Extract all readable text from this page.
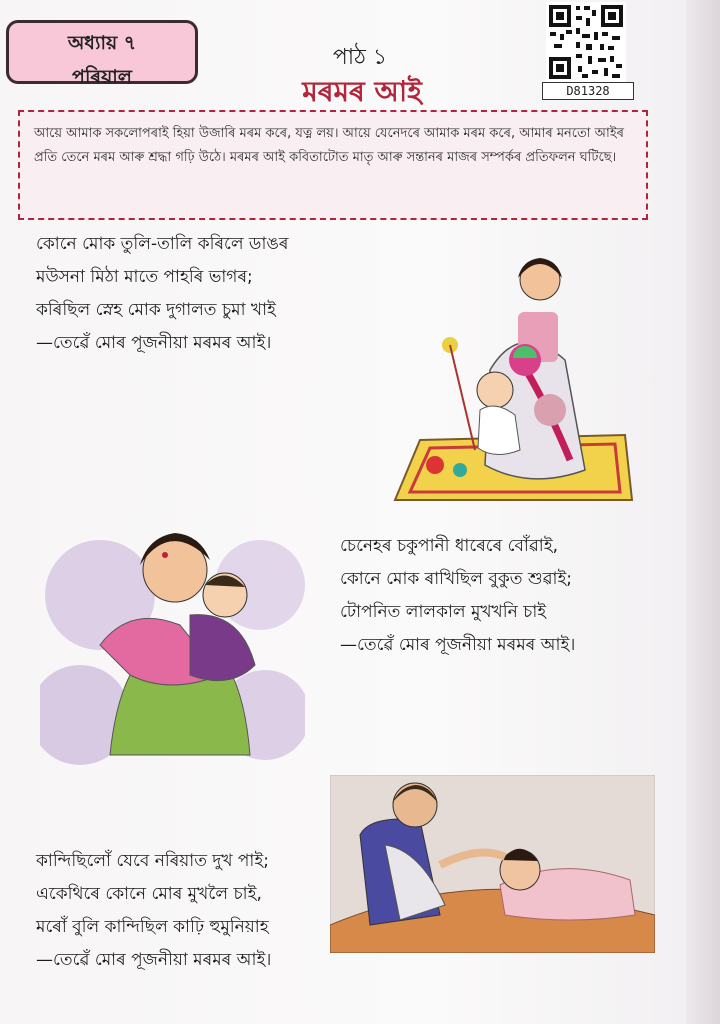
অধ্যায় ৭
পৰিয়াল
পাঠ ১
মৰমৰ আই	D81328
আয়ে আমাক সকলোপৰাই হিয়া উজাৰি মৰম কৰে, যত্ন লয়। আয়ে যেনেদৰে আমাক মৰম কৰে, আমাৰ মনতো আইৰ প্ৰতি তেনে মৰম আৰু শ্ৰদ্ধা গঢ়ি উঠে। মৰমৰ আই কবিতাটোত মাতৃ আৰু সন্তানৰ মাজৰ সম্পৰ্কৰ প্ৰতিফলন ঘটিছে।
কোনে মোক তুলি-তালি কৰিলে ডাঙৰ
মউসনা মিঠা মাতে পাহৰি ভাগৰ;
কৰিছিল স্নেহ মোক দুগালত চুমা খাই
—তেৱেঁ মোৰ পূজনীয়া মৰমৰ আই।
চেনেহৰ চকুপানী ধাৰেৰে বোঁৱাই,
কোনে মোক ৰাখিছিল বুকুত শুৱাই;
টোপনিত লালকাল মুখখনি চাই
—তেৱেঁ মোৰ পূজনীয়া মৰমৰ আই।
কান্দিছিলোঁ যেবে নৰিয়াত দুখ পাই;
একেথিৰে কোনে মোৰ মুখলৈ চাই,
মৰোঁ বুলি কান্দিছিল কাঢ়ি হুমুনিয়াহ
—তেৱেঁ মোৰ পূজনীয়া মৰমৰ আই।
